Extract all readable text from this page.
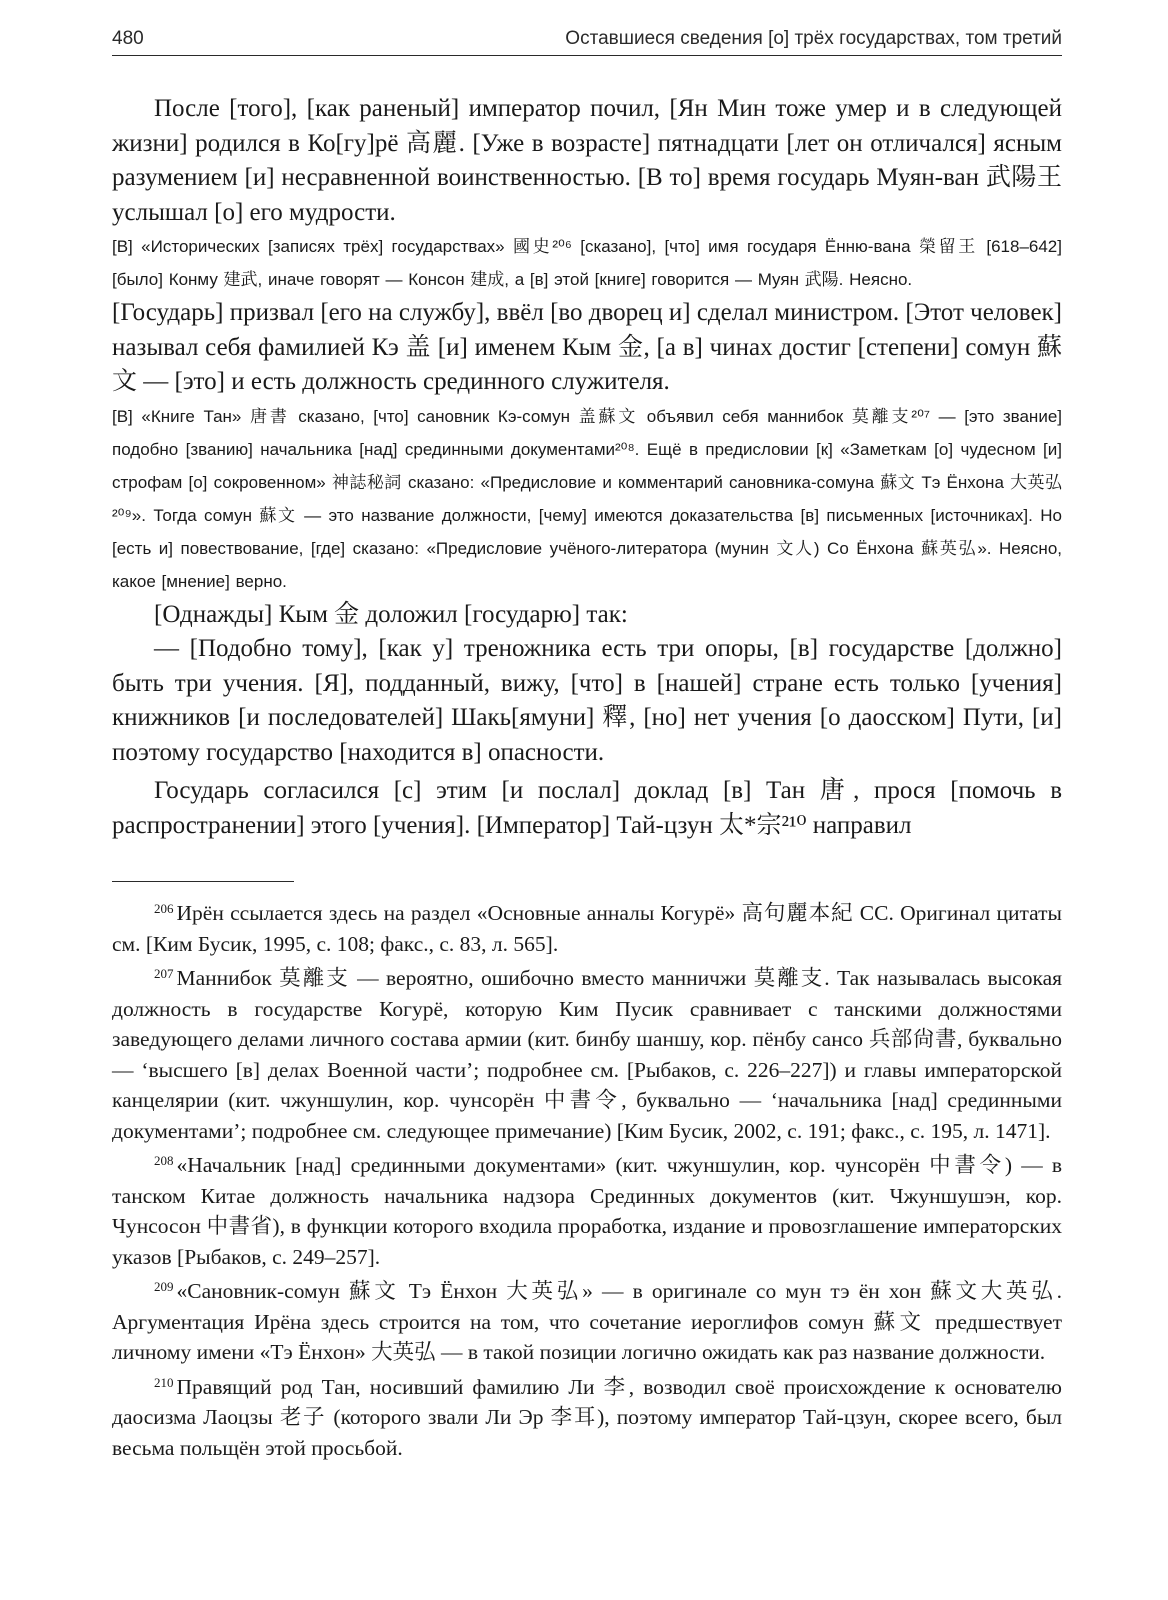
480	Оставшиеся сведения [о] трёх государствах, том третий

После [того], [как раненый] император почил, [Ян Мин тоже умер и в следующей жизни] родился в Ко[гу]рё 高麗. [Уже в возрасте] пятнадцати [лет он отличался] ясным разумением [и] несравненной воинственностью. [В то] время государь Муян-ван 武陽王 услышал [о] его мудрости.

[В] «Исторических [записях трёх] государствах» 國史²⁰⁶ [сказано], [что] имя государя Ённю-вана 榮留王 [618–642] [было] Конму 建武, иначе говорят — Консон 建成, а [в] этой [книге] говорится — Муян 武陽. Неясно.

[Государь] призвал [его на службу], ввёл [во дворец и] сделал министром. [Этот человек] называл себя фамилией Кэ 盖 [и] именем Кым 金, [а в] чинах достиг [степени] сомун 蘇文 — [это] и есть должность срединного служителя.

[В] «Книге Тан» 唐書 сказано, [что] сановник Кэ-сомун 盖蘇文 объявил себя маннибок 莫離支²⁰⁷ — [это звание] подобно [званию] начальника [над] срединными документами²⁰⁸. Ещё в предисловии [к] «Заметкам [о] чудесном [и] строфам [о] сокровенном» 神誌秘詞 сказано: «Предисловие и комментарий сановника-сомуна 蘇文 Тэ Ёнхона 大英弘²⁰⁹». Тогда сомун 蘇文 — это название должности, [чему] имеются доказательства [в] письменных [источниках]. Но [есть и] повествование, [где] сказано: «Предисловие учёного-литератора (мунин 文人) Со Ёнхона 蘇英弘». Неясно, какое [мнение] верно.

[Однажды] Кым 金 доложил [государю] так:

— [Подобно тому], [как у] треножника есть три опоры, [в] государстве [должно] быть три учения. [Я], подданный, вижу, [что] в [нашей] стране есть только [учения] книжников [и последователей] Шакь[ямуни] 釋, [но] нет учения [о даосском] Пути, [и] поэтому государство [находится в] опасности.

Государь согласился [с] этим [и послал] доклад [в] Тан 唐, прося [помочь в распространении] этого [учения]. [Император] Тай-цзун 太*宗²¹⁰ направил

$^{206}$ Ирён ссылается здесь на раздел «Основные анналы Когурё» 高句麗本紀 СС. Оригинал цитаты см. [Ким Бусик, 1995, с. 108; факс., с. 83, л. 565].

$^{207}$ Маннибок 莫離支 — вероятно, ошибочно вместо манничжи 莫離支. Так называлась высокая должность в государстве Когурё, которую Ким Пусик сравнивает с танскими должностями заведующего делами личного состава армии (кит. бинбу шаншу, кор. пёнбу сансо 兵部尙書, буквально — ‘высшего [в] делах Военной части’; подробнее см. [Рыбаков, с. 226–227]) и главы императорской канцелярии (кит. чжуншулин, кор. чунсорён 中書令, буквально — ‘начальника [над] срединными документами’; подробнее см. следующее примечание) [Ким Бусик, 2002, с. 191; факс., с. 195, л. 1471].

$^{208}$ «Начальник [над] срединными документами» (кит. чжуншулин, кор. чунсорён 中書令) — в танском Китае должность начальника надзора Срединных документов (кит. Чжуншушэн, кор. Чунсосон 中書省), в функции которого входила проработка, издание и провозглашение императорских указов [Рыбаков, с. 249–257].

$^{209}$ «Сановник-сомун 蘇文 Тэ Ёнхон 大英弘» — в оригинале со мун тэ ён хон 蘇文大英弘. Аргументация Ирёна здесь строится на том, что сочетание иероглифов сомун 蘇文 предшествует личному имени «Тэ Ёнхон» 大英弘 — в такой позиции логично ожидать как раз название должности.

$^{210}$ Правящий род Тан, носивший фамилию Ли 李, возводил своё происхождение к основателю даосизма Лаоцзы 老子 (которого звали Ли Эр 李耳), поэтому император Тай-цзун, скорее всего, был весьма польщён этой просьбой.
